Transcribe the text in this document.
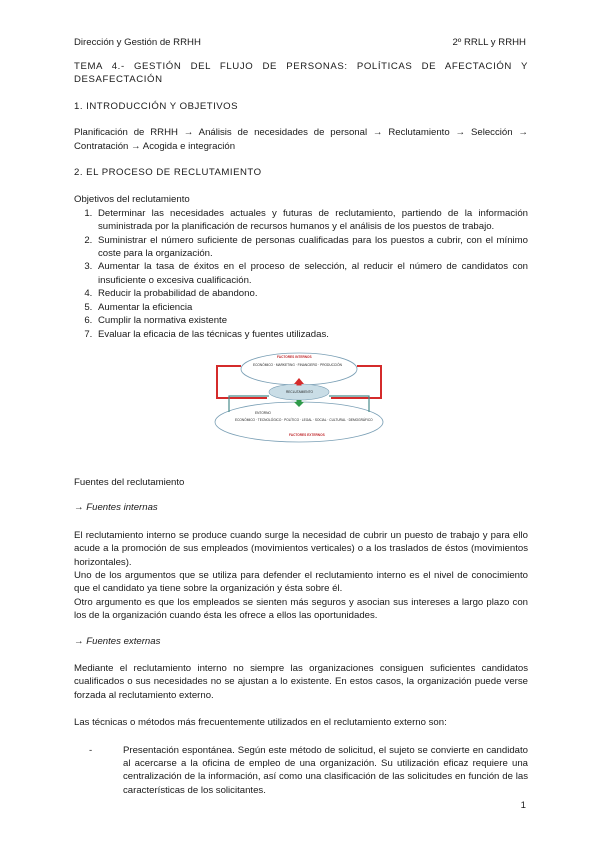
Dirección y Gestión de RRHH	2º RRLL y RRHH

TEMA 4.- GESTIÓN DEL FLUJO DE PERSONAS: POLÍTICAS DE AFECTACIÓN Y DESAFECTACIÓN

1. INTRODUCCIÓN Y OBJETIVOS

Planificación de RRHH → Análisis de necesidades de personal → Reclutamiento → Selección → Contratación → Acogida e integración

2. EL PROCESO DE RECLUTAMIENTO

Objetivos del reclutamiento

1. Determinar las necesidades actuales y futuras de reclutamiento, partiendo de la información suministrada por la planificación de recursos humanos y el análisis de los puestos de trabajo.
2. Suministrar el número suficiente de personas cualificadas para los puestos a cubrir, con el mínimo coste para la organización.
3. Aumentar la tasa de éxitos en el proceso de selección, al reducir el número de candidatos con insuficiente o excesiva cualificación.
4. Reducir la probabilidad de abandono.
5. Aumentar la eficiencia
6. Cumplir la normativa existente
7. Evaluar la eficacia de las técnicas y fuentes utilizadas.
FACTORES INTERNOS
ECONÓMICO · MARKETING · FINANCIERO · PRODUCCIÓN
RECLUTAMIENTO
ENTORNO
ECONÓMICO · TECNOLÓGICO · POLÍTICO · LEGAL · SOCIAL · CULTURAL · DEMOGRÁFICO
FACTORES EXTERNOS

Fuentes del reclutamiento

→ Fuentes internas

El reclutamiento interno se produce cuando surge la necesidad de cubrir un puesto de trabajo y para ello acude a la promoción de sus empleados (movimientos verticales) o a los traslados de éstos (movimientos horizontales).

Uno de los argumentos que se utiliza para defender el reclutamiento interno es el nivel de conocimiento que el candidato ya tiene sobre la organización y ésta sobre él.

Otro argumento es que los empleados se sienten más seguros y asocian sus intereses a largo plazo con los de la organización cuando ésta les ofrece a ellos las oportunidades.

→ Fuentes externas

Mediante el reclutamiento interno no siempre las organizaciones consiguen suficientes candidatos cualificados o sus necesidades no se ajustan a lo existente. En estos casos, la organización puede verse forzada al reclutamiento externo.

Las técnicas o métodos más frecuentemente utilizados en el reclutamiento externo son:

-	Presentación espontánea. Según este método de solicitud, el sujeto se convierte en candidato al acercarse a la oficina de empleo de una organización. Su utilización eficaz requiere una centralización de la información, así como una clasificación de las solicitudes en función de las características de los solicitantes.
1
